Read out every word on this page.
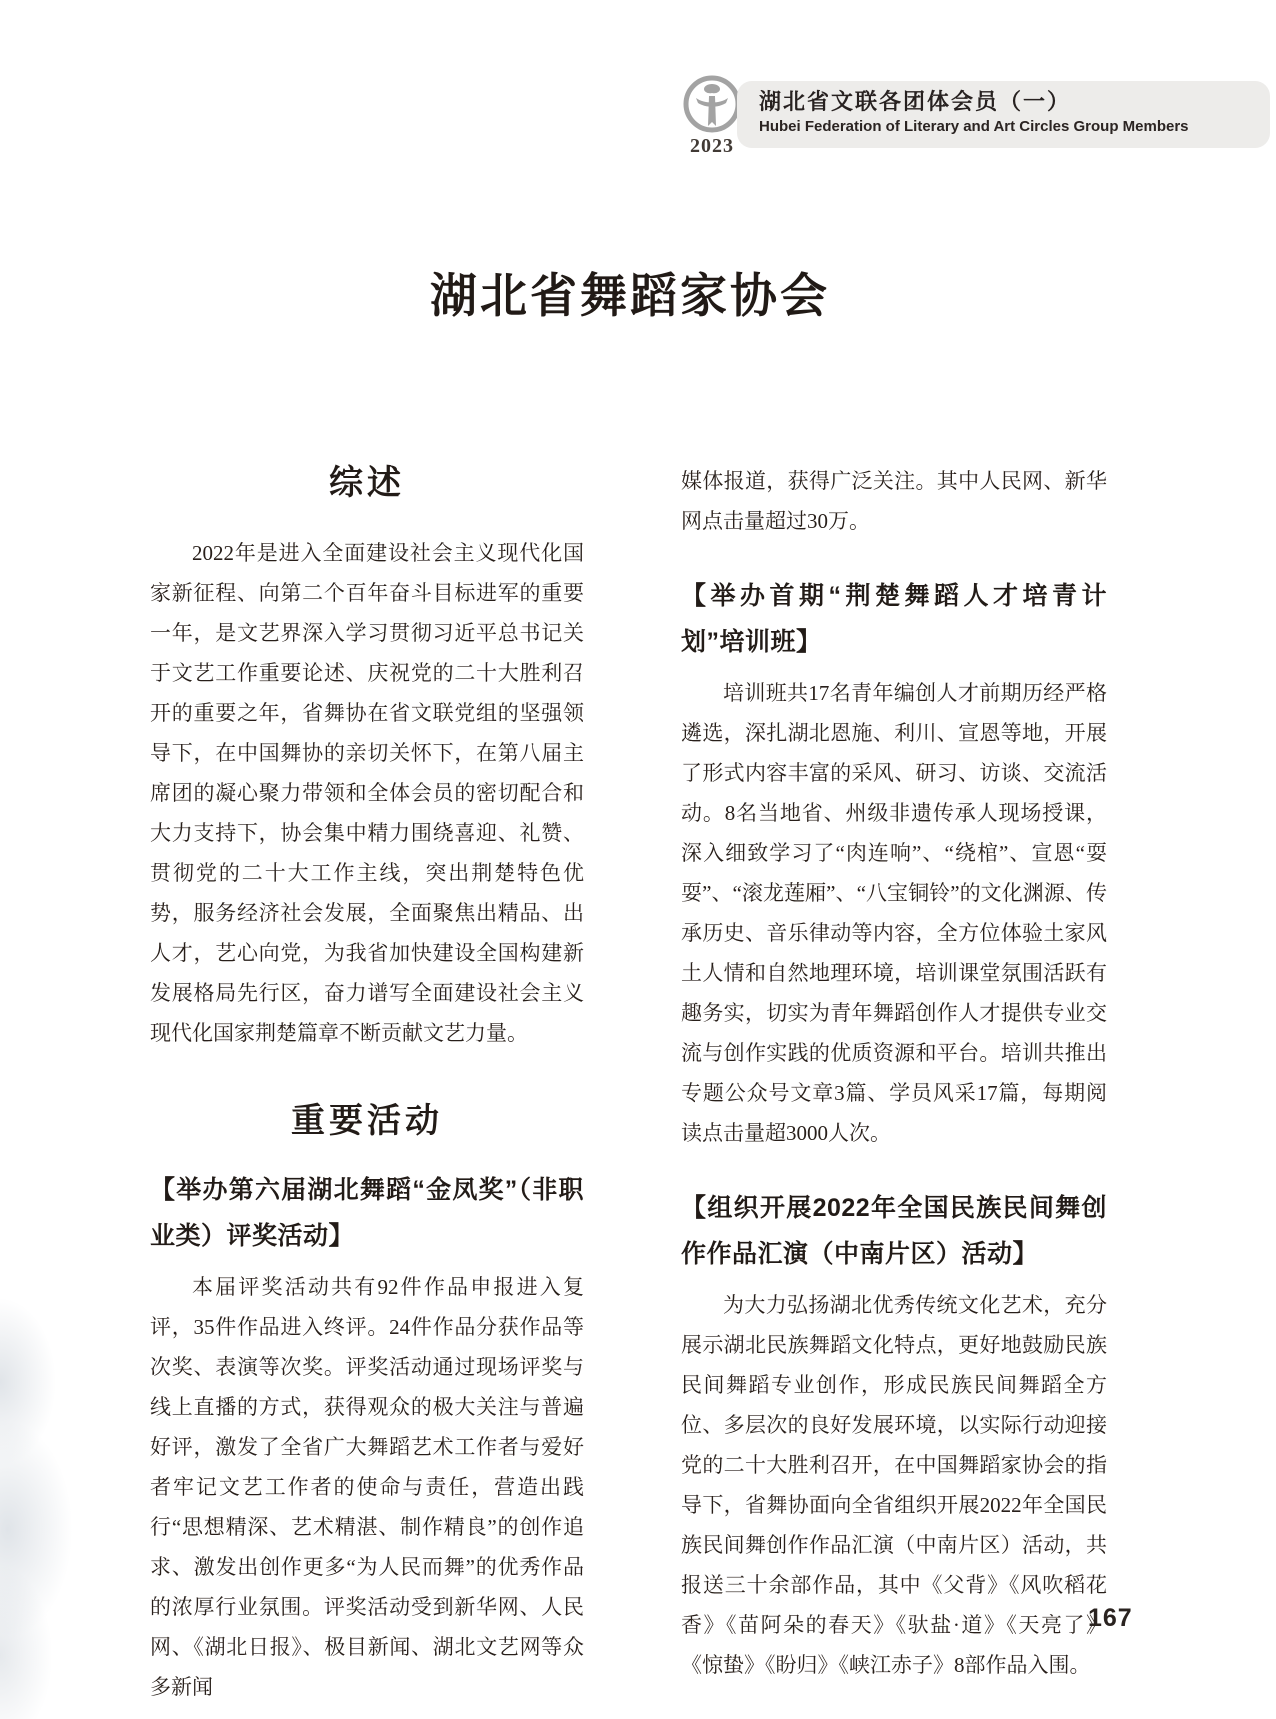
2023
湖北省文联各团体会员（一）
Hubei Federation of Literary and Art Circles Group Members
湖北省舞蹈家协会
综述

2022年是进入全面建设社会主义现代化国家新征程、向第二个百年奋斗目标进军的重要一年，是文艺界深入学习贯彻习近平总书记关于文艺工作重要论述、庆祝党的二十大胜利召开的重要之年，省舞协在省文联党组的坚强领导下，在中国舞协的亲切关怀下，在第八届主席团的凝心聚力带领和全体会员的密切配合和大力支持下，协会集中精力围绕喜迎、礼赞、贯彻党的二十大工作主线，突出荆楚特色优势，服务经济社会发展，全面聚焦出精品、出人才，艺心向党，为我省加快建设全国构建新发展格局先行区，奋力谱写全面建设社会主义现代化国家荆楚篇章不断贡献文艺力量。

重要活动
【举办第六届湖北舞蹈“金凤奖”（非职业类）评奖活动】

本届评奖活动共有92件作品申报进入复评，35件作品进入终评。24件作品分获作品等次奖、表演等次奖。评奖活动通过现场评奖与线上直播的方式，获得观众的极大关注与普遍好评，激发了全省广大舞蹈艺术工作者与爱好者牢记文艺工作者的使命与责任，营造出践行“思想精深、艺术精湛、制作精良”的创作追求、激发出创作更多“为人民而舞”的优秀作品的浓厚行业氛围。评奖活动受到新华网、人民网、《湖北日报》、极目新闻、湖北文艺网等众多新闻

媒体报道，获得广泛关注。其中人民网、新华网点击量超过30万。

【举办首期“荆楚舞蹈人才培青计划”培训班】

培训班共17名青年编创人才前期历经严格遴选，深扎湖北恩施、利川、宣恩等地，开展了形式内容丰富的采风、研习、访谈、交流活动。8名当地省、州级非遗传承人现场授课，深入细致学习了“肉连响”、“绕棺”、宣恩“耍耍”、“滚龙莲厢”、“八宝铜铃”的文化渊源、传承历史、音乐律动等内容，全方位体验土家风土人情和自然地理环境，培训课堂氛围活跃有趣务实，切实为青年舞蹈创作人才提供专业交流与创作实践的优质资源和平台。培训共推出专题公众号文章3篇、学员风采17篇，每期阅读点击量超3000人次。

【组织开展2022年全国民族民间舞创作作品汇演（中南片区）活动】

为大力弘扬湖北优秀传统文化艺术，充分展示湖北民族舞蹈文化特点，更好地鼓励民族民间舞蹈专业创作，形成民族民间舞蹈全方位、多层次的良好发展环境，以实际行动迎接党的二十大胜利召开，在中国舞蹈家协会的指导下，省舞协面向全省组织开展2022年全国民族民间舞创作作品汇演（中南片区）活动，共报送三十余部作品，其中《父背》《风吹稻花香》《苗阿朵的春天》《驮盐·道》《天亮了》《惊蛰》《盼归》《峡江赤子》8部作品入围。

167
